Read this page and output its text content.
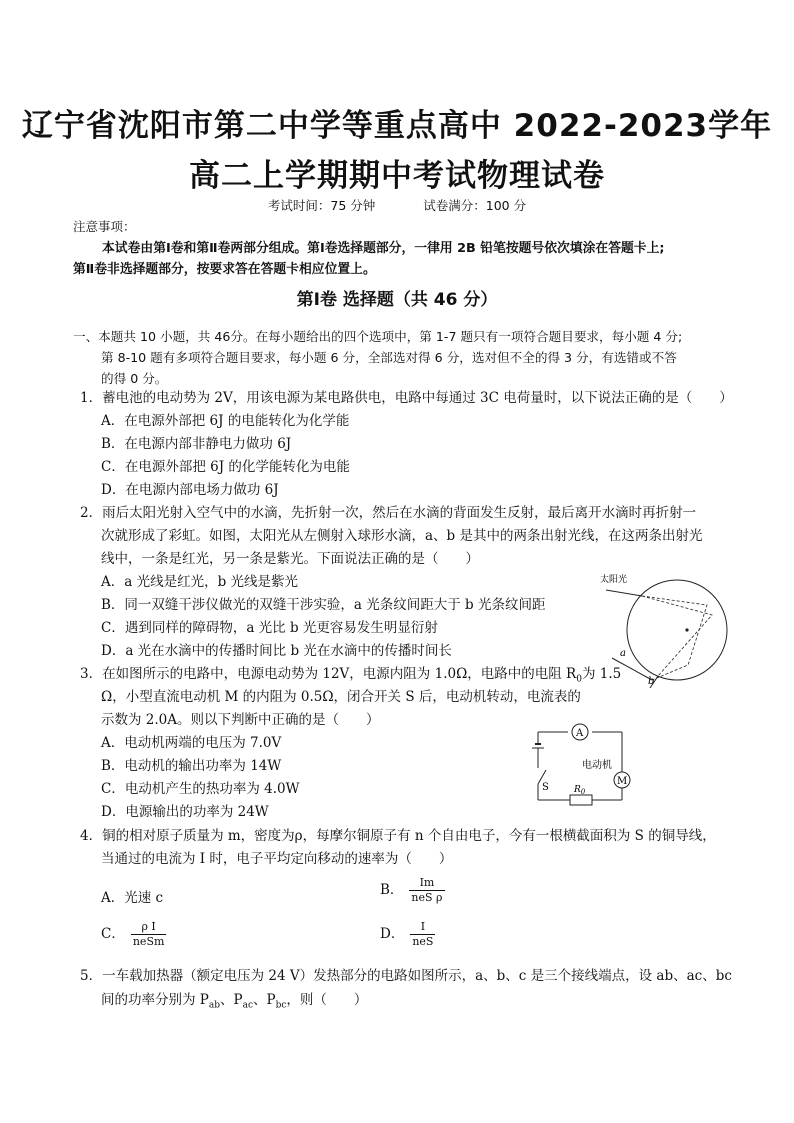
辽宁省沈阳市第二中学等重点高中 2022-2023学年
高二上学期期中考试物理试卷
考试时间：75 分钟	试卷满分：100 分
注意事项：
本试卷由第Ⅰ卷和第Ⅱ卷两部分组成。第Ⅰ卷选择题部分，一律用 2B 铅笔按题号依次填涂在答题卡上;
第Ⅱ卷非选择题部分，按要求答在答题卡相应位置上。
第Ⅰ卷 选择题（共 46 分）
一、本题共 10 小题，共 46分。在每小题给出的四个选项中，第 1-7 题只有一项符合题目要求，每小题 4 分;
第 8-10 题有多项符合题目要求，每小题 6 分，全部选对得 6 分，选对但不全的得 3 分，有选错或不答
的得 0 分。
1．蓄电池的电动势为 2V，用该电源为某电路供电，电路中每通过 3C 电荷量时，以下说法正确的是（　　）
A．在电源外部把 6J 的电能转化为化学能
B．在电源内部非静电力做功 6J
C．在电源外部把 6J 的化学能转化为电能
D．在电源内部电场力做功 6J
2．雨后太阳光射入空气中的水滴，先折射一次，然后在水滴的背面发生反射，最后离开水滴时再折射一
次就形成了彩虹。如图，太阳光从左侧射入球形水滴，a、b 是其中的两条出射光线，在这两条出射光
线中，一条是红光，另一条是紫光。下面说法正确的是（　　）
A．a 光线是红光，b 光线是紫光
B．同一双缝干涉仪做光的双缝干涉实验，a 光条纹间距大于 b 光条纹间距
C．遇到同样的障碍物，a 光比 b 光更容易发生明显衍射
D．a 光在水滴中的传播时间比 b 光在水滴中的传播时间长
太阳光
a
b
3．在如图所示的电路中，电源电动势为 12V，电源内阻为 1.0Ω，电路中的电阻 $R_0$为 1.5
Ω，小型直流电动机 M 的内阻为 0.5Ω，闭合开关 S 后，电动机转动，电流表的
示数为 2.0A。则以下判断中正确的是（　　）
A．电动机两端的电压为 7.0V
B．电动机的输出功率为 14W
C．电动机产生的热功率为 4.0W
D．电源输出的功率为 24W
A
M
电动机
$R_0$
S
4．铜的相对原子质量为 m，密度为ρ，每摩尔铜原子有 n 个自由电子，今有一根横截面积为 S 的铜导线，
当通过的电流为 I 时，电子平均定向移动的速率为（　　）
A．光速 c	B． $\frac{Im}{\text{neS ρ}}$
C． $\frac{\text{ρ I}}{\text{neSm}}$	D． $\frac{I}{\text{neS}}$
5．一车载加热器（额定电压为 24 V）发热部分的电路如图所示，a、b、c 是三个接线端点，设 ab、ac、bc
间的功率分别为 $P_{ab}$、$P_{ac}$、$P_{bc}$，则（　　）
